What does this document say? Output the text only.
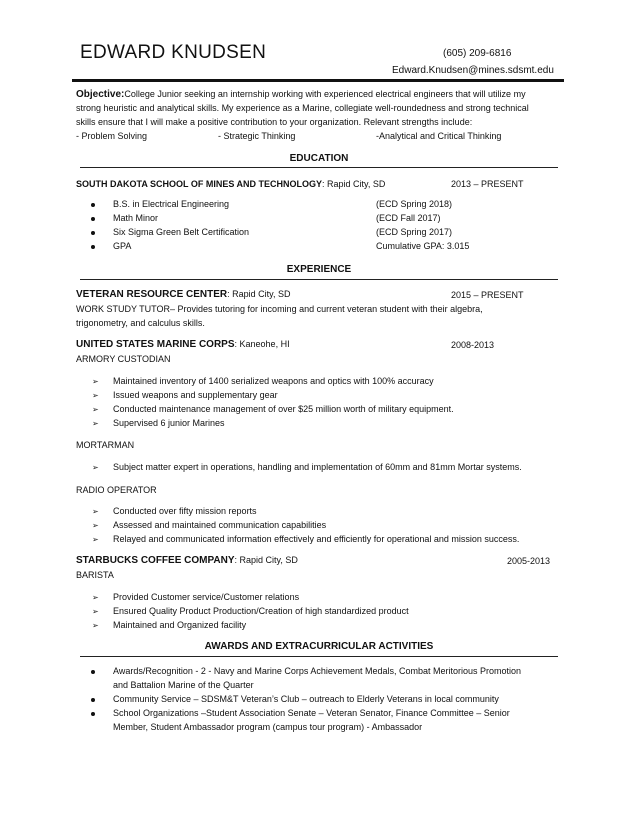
EDWARD KNUDSEN	(605) 209-6816
Edward.Knudsen@mines.sdsmt.edu
Objective:College Junior seeking an internship working with experienced electrical engineers that will utilize my
strong heuristic and analytical skills. My experience as a Marine, collegiate well-roundedness and strong technical
skills ensure that I will make a positive contribution to your organization. Relevant strengths include:
- Problem Solving	- Strategic Thinking	-Analytical and Critical Thinking
EDUCATION
SOUTH DAKOTA SCHOOL OF MINES AND TECHNOLOGY: Rapid City, SD	2013 – PRESENT
B.S. in Electrical Engineering	(ECD Spring 2018)
Math Minor	(ECD Fall 2017)
Six Sigma Green Belt Certification	(ECD Spring 2017)
GPA	Cumulative GPA: 3.015
EXPERIENCE
VETERAN RESOURCE CENTER: Rapid City, SD	2015 – PRESENT
WORK STUDY TUTOR– Provides tutoring for incoming and current veteran student with their algebra,
trigonometry, and calculus skills.
UNITED STATES MARINE CORPS: Kaneohe, HI	2008-2013
ARMORY CUSTODIAN
➢ Maintained inventory of 1400 serialized weapons and optics with 100% accuracy
➢ Issued weapons and supplementary gear
➢ Conducted maintenance management of over $25 million worth of military equipment.
➢ Supervised 6 junior Marines
MORTARMAN
➢ Subject matter expert in operations, handling and implementation of 60mm and 81mm Mortar systems.
RADIO OPERATOR
➢ Conducted over fifty mission reports
➢ Assessed and maintained communication capabilities
➢ Relayed and communicated information effectively and efficiently for operational and mission success.
STARBUCKS COFFEE COMPANY: Rapid City, SD	2005-2013
BARISTA
➢ Provided Customer service/Customer relations
➢ Ensured Quality Product Production/Creation of high standardized product
➢ Maintained and Organized facility
AWARDS AND EXTRACURRICULAR ACTIVITIES
Awards/Recognition - 2 - Navy and Marine Corps Achievement Medals, Combat Meritorious Promotion
and Battalion Marine of the Quarter
Community Service – SDSM&T Veteran’s Club – outreach to Elderly Veterans in local community
School Organizations –Student Association Senate – Veteran Senator, Finance Committee – Senior
Member, Student Ambassador program (campus tour program) - Ambassador
